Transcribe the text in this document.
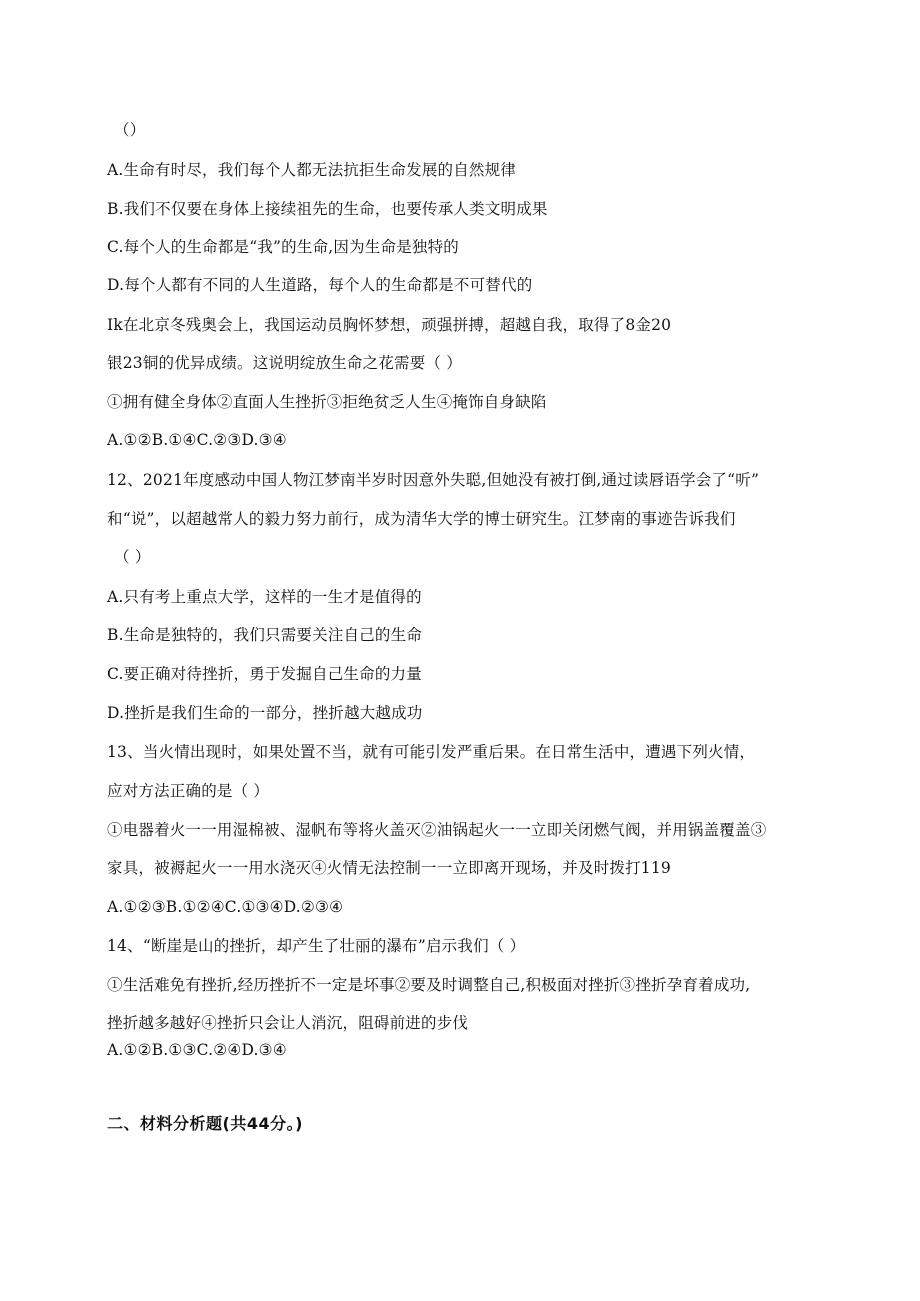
（）
A.生命有时尽，我们每个人都无法抗拒生命发展的自然规律
B.我们不仅要在身体上接续祖先的生命，也要传承人类文明成果
C.每个人的生命都是“我”的生命,因为生命是独特的
D.每个人都有不同的人生道路，每个人的生命都是不可替代的
Ik在北京冬残奥会上，我国运动员胸怀梦想，顽强拼搏，超越自我，取得了8金20
银23铜的优异成绩。这说明绽放生命之花需要（ ）
①拥有健全身体②直面人生挫折③拒绝贫乏人生④掩饰自身缺陷
A.①②B.①④C.②③D.③④
12、2021年度感动中国人物江梦南半岁时因意外失聪,但她没有被打倒,通过读唇语学会了“听”
和“说”，以超越常人的毅力努力前行，成为清华大学的博士研究生。江梦南的事迹告诉我们
（ ）
A.只有考上重点大学，这样的一生才是值得的
B.生命是独特的，我们只需要关注自己的生命
C.要正确对待挫折，勇于发掘自己生命的力量
D.挫折是我们生命的一部分，挫折越大越成功
13、当火情出现时，如果处置不当，就有可能引发严重后果。在日常生活中，遭遇下列火情，
应对方法正确的是（ ）
①电器着火一一用湿棉被、湿帆布等将火盖灭②油锅起火一一立即关闭燃气阀，并用锅盖覆盖③
家具，被褥起火一一用水浇灭④火情无法控制一一立即离开现场，并及时拨打119
A.①②③B.①②④C.①③④D.②③④
14、“断崖是山的挫折，却产生了壮丽的瀑布”启示我们（ ）
①生活难免有挫折,经历挫折不一定是坏事②要及时调整自己,积极面对挫折③挫折孕育着成功,
挫折越多越好④挫折只会让人消沉，阻碍前进的步伐
A.①②B.①③C.②④D.③④
二、材料分析题(共44分。)
